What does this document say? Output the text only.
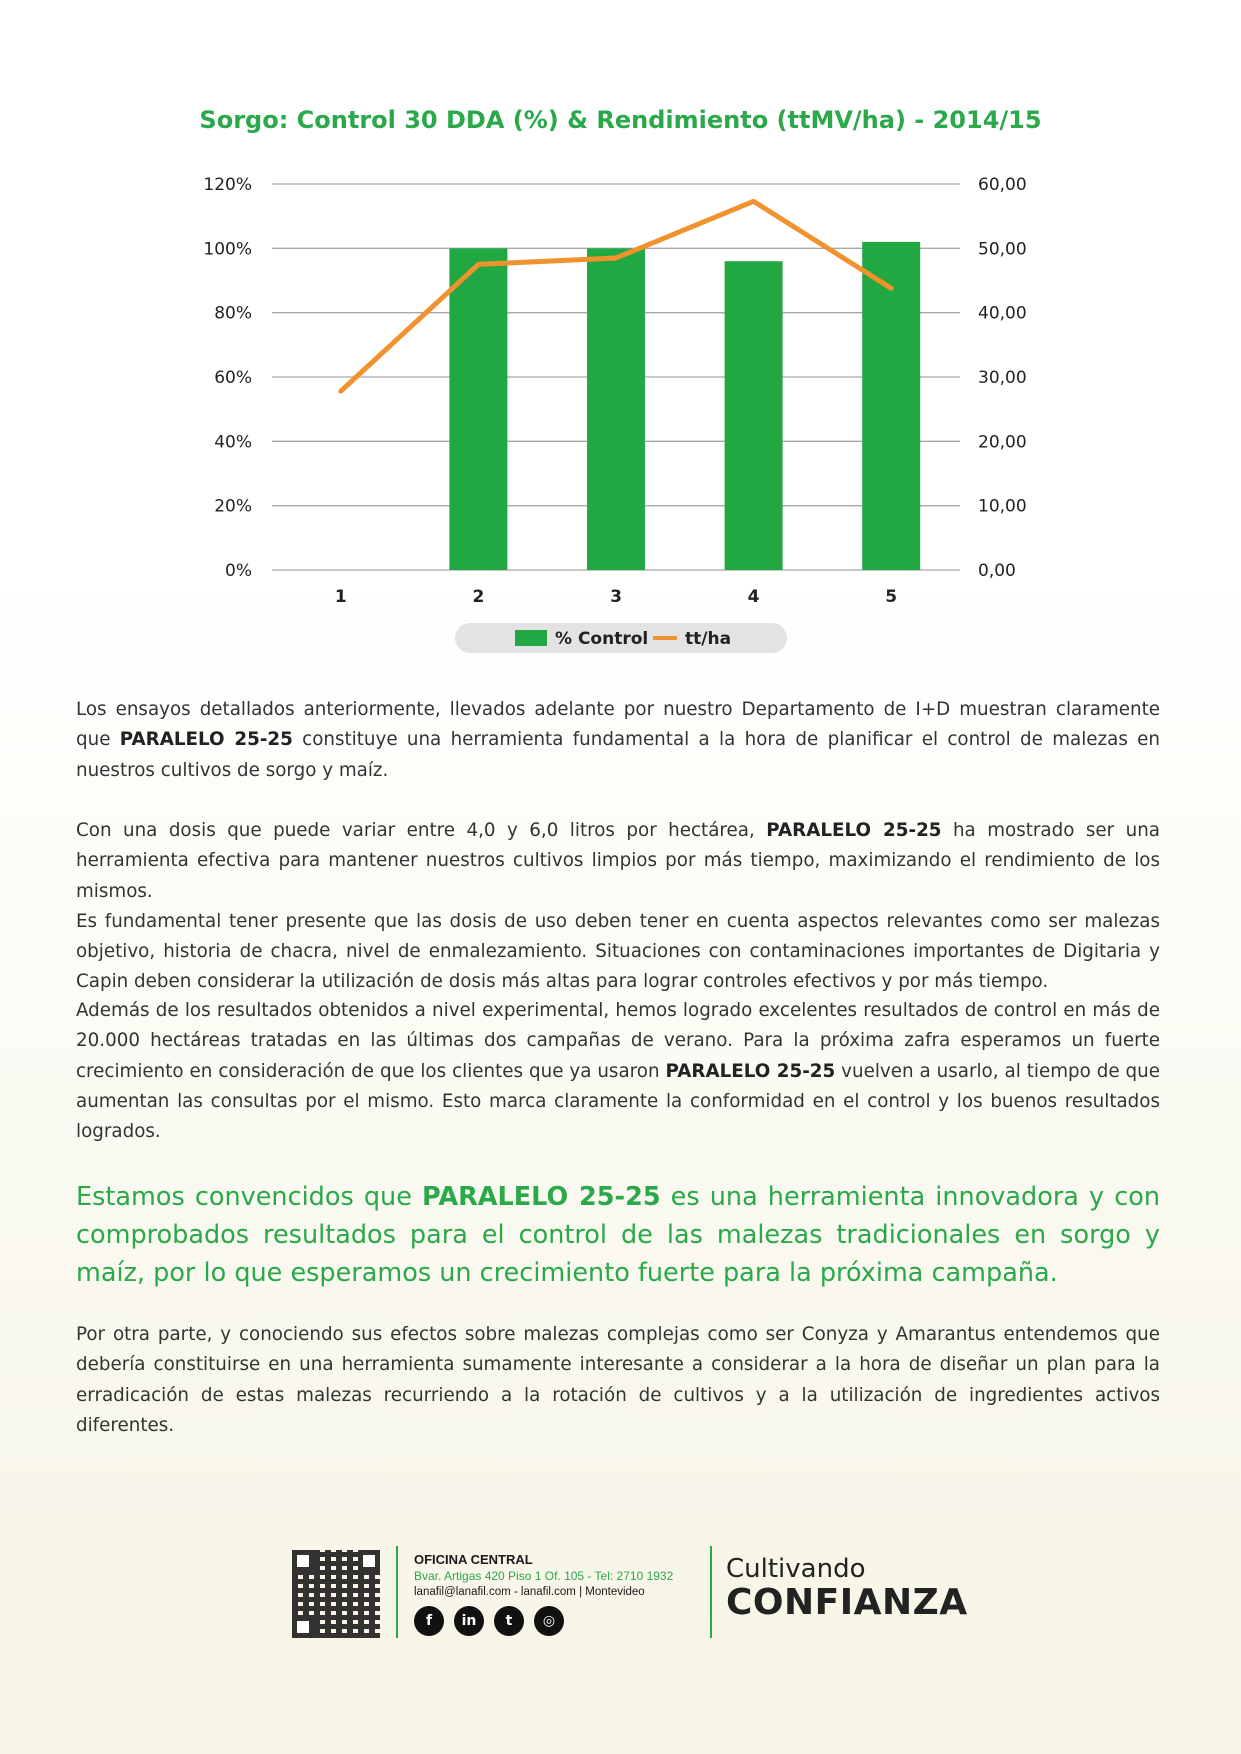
Sorgo: Control 30 DDA (%) & Rendimiento (ttMV/ha) - 2014/15
0%	0,00
20%	10,00
40%	20,00
60%	30,00
80%	40,00
100%	50,00
120%	60,00
1	2	3	4	5
% Control tt/ha

Los ensayos detallados anteriormente, llevados adelante por nuestro Departamento de I+D muestran claramente que PARALELO 25-25 constituye una herramienta fundamental a la hora de planificar el control de malezas en nuestros cultivos de sorgo y maíz.

Con una dosis que puede variar entre 4,0 y 6,0 litros por hectárea, PARALELO 25-25 ha mostrado ser una herramienta efectiva para mantener nuestros cultivos limpios por más tiempo, maximizando el rendimiento de los mismos.

Es fundamental tener presente que las dosis de uso deben tener en cuenta aspectos relevantes como ser malezas objetivo, historia de chacra, nivel de enmalezamiento. Situaciones con contaminaciones importantes de Digitaria y Capin deben considerar la utilización de dosis más altas para lograr controles efectivos y por más tiempo.

Además de los resultados obtenidos a nivel experimental, hemos logrado excelentes resultados de control en más de 20.000 hectáreas tratadas en las últimas dos campañas de verano. Para la próxima zafra esperamos un fuerte crecimiento en consideración de que los clientes que ya usaron PARALELO 25-25 vuelven a usarlo, al tiempo de que aumentan las consultas por el mismo. Esto marca claramente la conformidad en el control y los buenos resultados logrados.

Estamos convencidos que PARALELO 25-25 es una herramienta innovadora y con comprobados resultados para el control de las malezas tradicionales en sorgo y maíz, por lo que esperamos un crecimiento fuerte para la próxima campaña.

Por otra parte, y conociendo sus efectos sobre malezas complejas como ser Conyza y Amarantus entendemos que debería constituirse en una herramienta sumamente interesante a considerar a la hora de diseñar un plan para la erradicación de estas malezas recurriendo a la rotación de cultivos y a la utilización de ingredientes activos diferentes.

OFICINA CENTRAL
Bvar. Artigas 420 Piso 1 Of. 105 - Tel: 2710 1932
lanafil@lanafil.com - lanafil.com | Montevideo
f	in	t	◎
Cultivando
CONFIANZA
